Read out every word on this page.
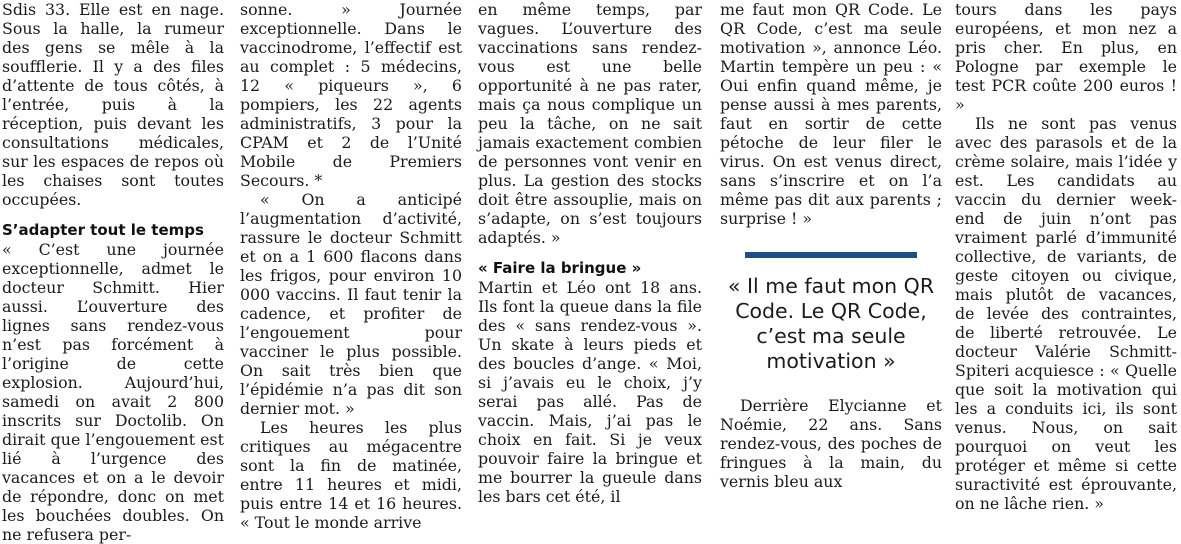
Sdis 33. Elle est en nage. Sous la halle, la rumeur des gens se mêle à la soufflerie. Il y a des files d’attente de tous côtés, à l’entrée, puis à la réception, puis devant les consultations médicales, sur les espaces de repos où les chaises sont toutes occupées.

S’adapter tout le temps

« C’est une journée exceptionnelle, admet le docteur Schmitt. Hier aussi. L’ouverture des lignes sans rendez-vous n’est pas forcément à l’origine de cette explosion. Aujourd’hui, samedi on avait 2 800 inscrits sur Doctolib. On dirait que l’engouement est lié à l’urgence des vacances et on a le devoir de répondre, donc on met les bouchées doubles. On ne refusera per-

sonne. » Journée exceptionnelle. Dans le vaccinodrome, l’effectif est au complet : 5 médecins, 12 « piqueurs », 6 pompiers, les 22 agents administratifs, 3 pour la CPAM et 2 de l’Unité Mobile de Premiers Secours. *

« On a anticipé l’augmentation d’activité, rassure le docteur Schmitt et on a 1 600 flacons dans les frigos, pour environ 10 000 vaccins. Il faut tenir la cadence, et profiter de l’engouement pour vacciner le plus possible. On sait très bien que l’épidémie n’a pas dit son dernier mot. »

Les heures les plus critiques au mégacentre sont la fin de matinée, entre 11 heures et midi, puis entre 14 et 16 heures. « Tout le monde arrive

en même temps, par vagues. L’ouverture des vaccinations sans rendez-vous est une belle opportunité à ne pas rater, mais ça nous complique un peu la tâche, on ne sait jamais exactement combien de personnes vont venir en plus. La gestion des stocks doit être assouplie, mais on s’adapte, on s’est toujours adaptés. »

« Faire la bringue »

Martin et Léo ont 18 ans. Ils font la queue dans la file des « sans rendez-vous ». Un skate à leurs pieds et des boucles d’ange. « Moi, si j’avais eu le choix, j’y serai pas allé. Pas de vaccin. Mais, j’ai pas le choix en fait. Si je veux pouvoir faire la bringue et me bourrer la gueule dans les bars cet été, il

me faut mon QR Code. Le QR Code, c’est ma seule motivation », annonce Léo. Martin tempère un peu : « Oui enfin quand même, je pense aussi à mes parents, faut en sortir de cette pétoche de leur filer le virus. On est venus direct, sans s’inscrire et on l’a même pas dit aux parents ; surprise ! »

« Il me faut mon QR Code. Le QR Code, c’est ma seule motivation »

Derrière Elycianne et Noémie, 22 ans. Sans rendez-vous, des poches de fringues à la main, du vernis bleu aux

tours dans les pays européens, et mon nez a pris cher. En plus, en Pologne par exemple le test PCR coûte 200 euros ! »

Ils ne sont pas venus avec des parasols et de la crème solaire, mais l’idée y est. Les candidats au vaccin du dernier week-end de juin n’ont pas vraiment parlé d’immunité collective, de variants, de geste citoyen ou civique, mais plutôt de vacances, de levée des contraintes, de liberté retrouvée. Le docteur Valérie Schmitt-Spiteri acquiesce : « Quelle que soit la motivation qui les a conduits ici, ils sont venus. Nous, on sait pourquoi on veut les protéger et même si cette suractivité est éprouvante, on ne lâche rien. »
